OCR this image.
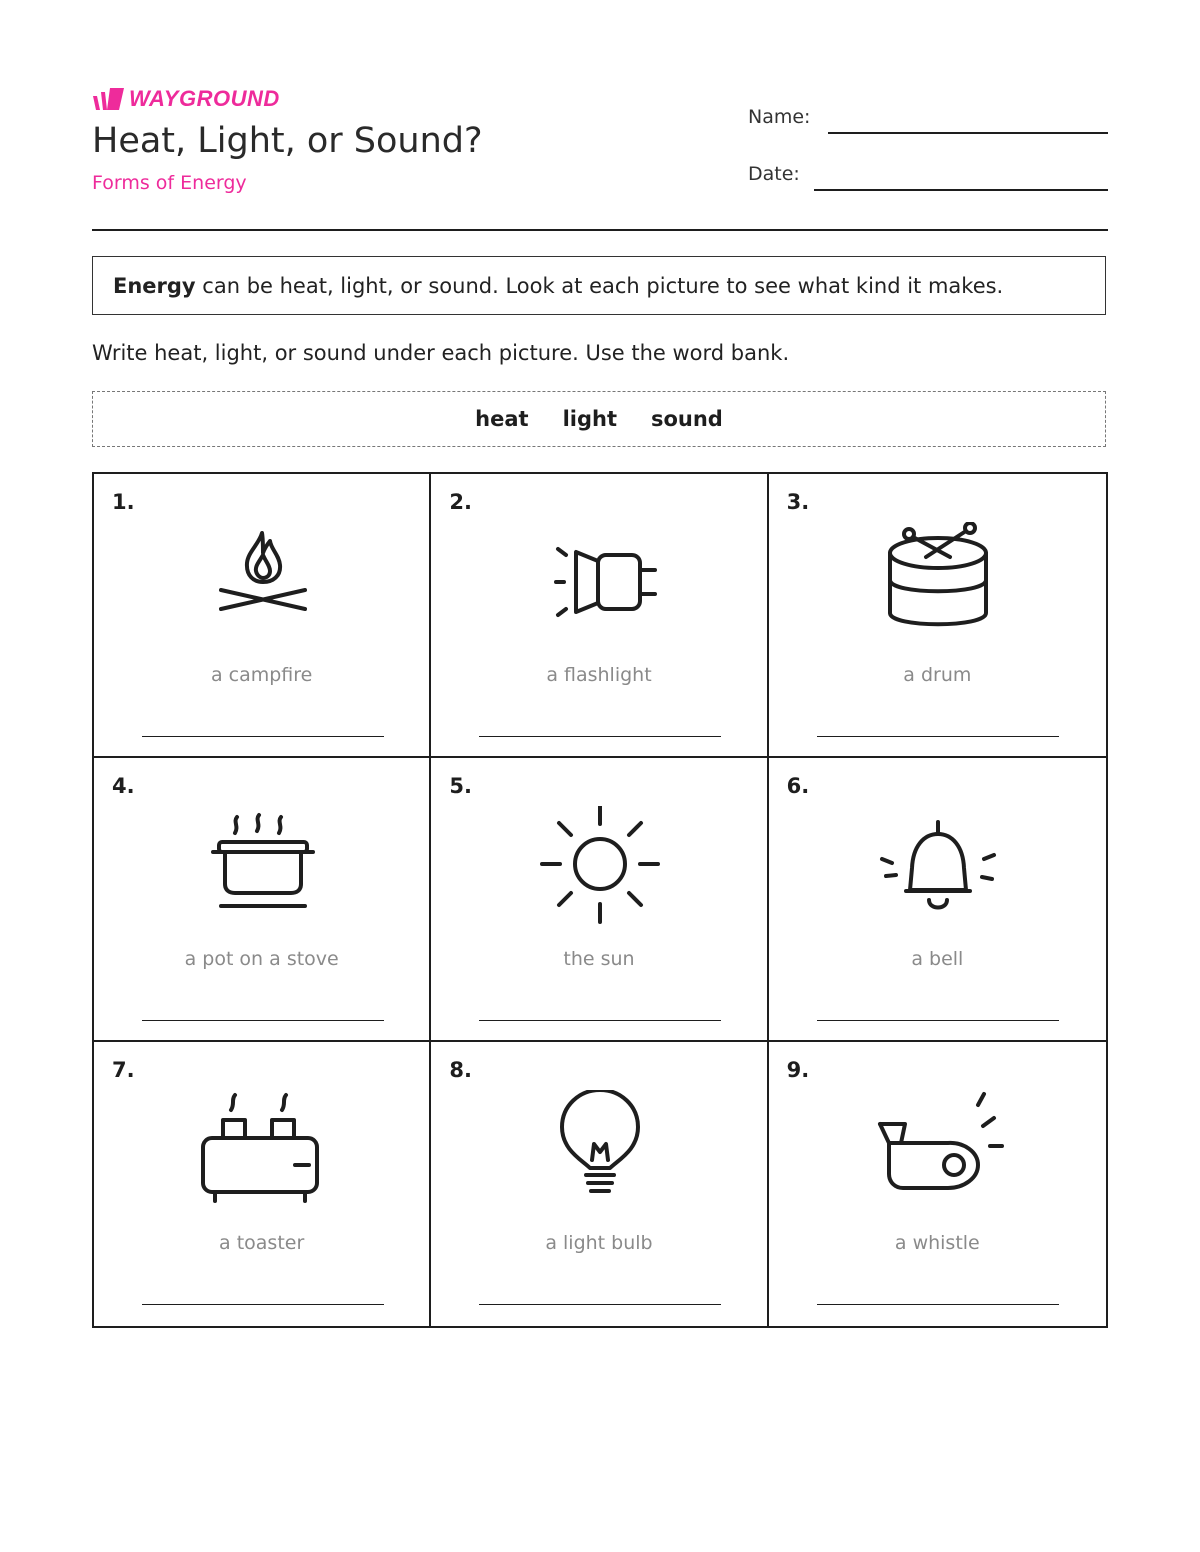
WAYGROUND
Heat, Light, or Sound?
Forms of Energy
Name:
Date:
Energy can be heat, light, or sound. Look at each picture to see what kind it makes.
Write heat, light, or sound under each picture. Use the word bank.
heat light sound
1.
a campfire
2.
a flashlight
3.
a drum
4.
a pot on a stove
5.
the sun
6.
a bell
7.
a toaster
8.
a light bulb
9.
a whistle
